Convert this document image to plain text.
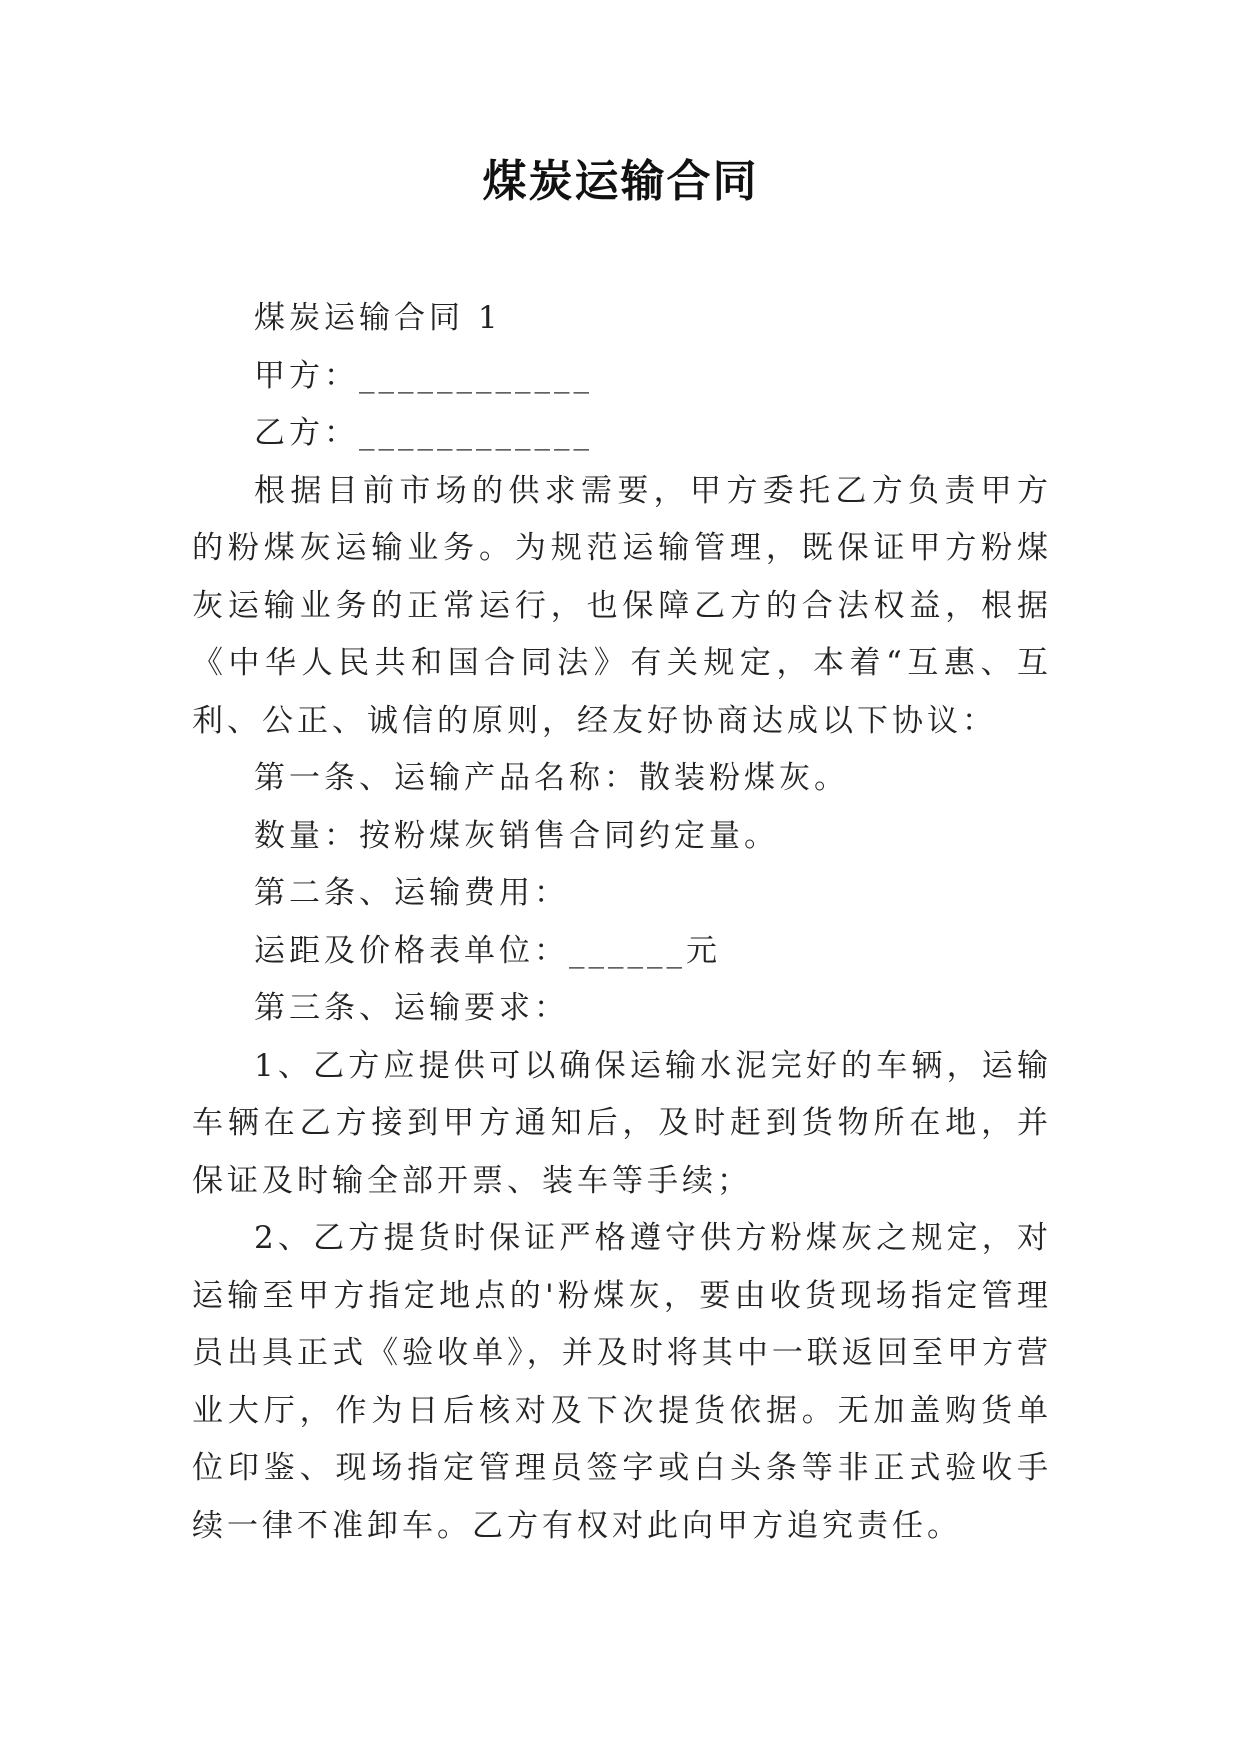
煤炭运输合同

煤炭运输合同 1

甲方：____________

乙方：____________

根据目前市场的供求需要，甲方委托乙方负责甲方的粉煤灰运输业务。为规范运输管理，既保证甲方粉煤灰运输业务的正常运行，也保障乙方的合法权益，根据《中华人民共和国合同法》有关规定，本着“互惠、互利、公正、诚信的原则，经友好协商达成以下协议：

第一条、运输产品名称：散装粉煤灰。

数量：按粉煤灰销售合同约定量。

第二条、运输费用：

运距及价格表单位：______元

第三条、运输要求：

1、乙方应提供可以确保运输水泥完好的车辆，运输车辆在乙方接到甲方通知后，及时赶到货物所在地，并保证及时输全部开票、装车等手续；

2、乙方提货时保证严格遵守供方粉煤灰之规定，对运输至甲方指定地点的'粉煤灰，要由收货现场指定管理员出具正式《验收单》，并及时将其中一联返回至甲方营业大厅，作为日后核对及下次提货依据。无加盖购货单位印鉴、现场指定管理员签字或白头条等非正式验收手续一律不准卸车。乙方有权对此向甲方追究责任。
